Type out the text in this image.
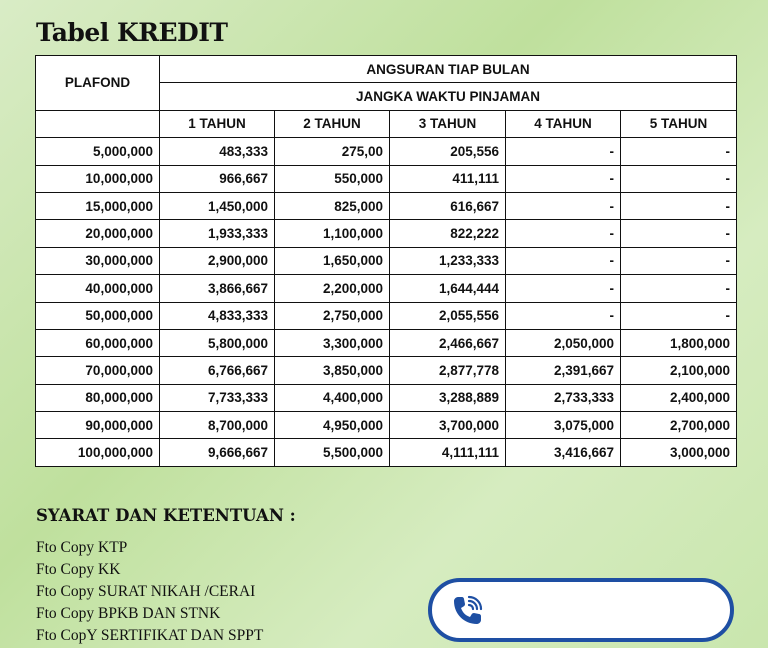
Tabel KREDIT
PLAFOND	ANGSURAN TIAP BULAN				
	JANGKA WAKTU PINJAMAN				
	1 TAHUN	2 TAHUN	3 TAHUN	4 TAHUN	5 TAHUN
5,000,000	483,333	275,00	205,556	-	-
10,000,000	966,667	550,000	411,111	-	-
15,000,000	1,450,000	825,000	616,667	-	-
20,000,000	1,933,333	1,100,000	822,222	-	-
30,000,000	2,900,000	1,650,000	1,233,333	-	-
40,000,000	3,866,667	2,200,000	1,644,444	-	-
50,000,000	4,833,333	2,750,000	2,055,556	-	-
60,000,000	5,800,000	3,300,000	2,466,667	2,050,000	1,800,000
70,000,000	6,766,667	3,850,000	2,877,778	2,391,667	2,100,000
80,000,000	7,733,333	4,400,000	3,288,889	2,733,333	2,400,000
90,000,000	8,700,000	4,950,000	3,700,000	3,075,000	2,700,000
100,000,000	9,666,667	5,500,000	4,111,111	3,416,667	3,000,000
SYARAT DAN KETENTUAN :
Fto Copy KTP
Fto Copy KK
Fto Copy SURAT NIKAH /CERAI
Fto Copy BPKB DAN STNK
Fto CopY SERTIFIKAT DAN SPPT
